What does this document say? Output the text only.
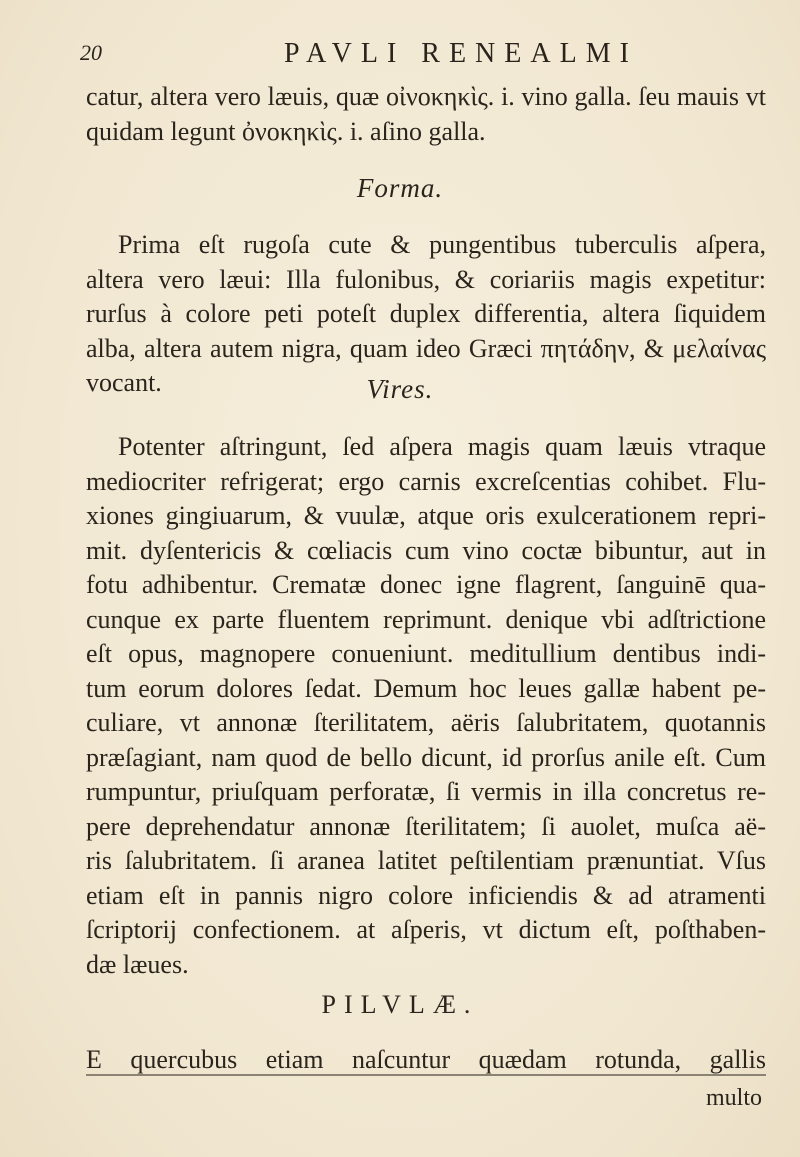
20	PAVLI RENEALMI

catur, altera vero læuis, quæ οἰνοκηκὶς. i. vino galla. ſeu mauis vt
quidam legunt ὀνοκηκὶς. i. aſino galla.

Forma.

Prima eſt rugoſa cute & pungentibus tuberculis aſpera,
altera vero læui: Illa fulonibus, & coriariis magis expetitur:
rurſus à colore peti poteſt duplex differentia, altera ſiquidem
alba, altera autem nigra, quam ideo Græci πητάδην, & μελαίνας
vocant.	Vires.

Potenter aſtringunt, ſed aſpera magis quam læuis vtraque
mediocriter refrigerat; ergo carnis excreſcentias cohibet. Flu-
xiones gingiuarum, & vuulæ, atque oris exulcerationem repri-
mit. dyſentericis & cœliacis cum vino coctæ bibuntur, aut in
fotu adhibentur. Crematæ donec igne flagrent, ſanguinē qua-
cunque ex parte fluentem reprimunt. denique vbi adſtrictione
eſt opus, magnopere conueniunt. meditullium dentibus indi-
tum eorum dolores ſedat. Demum hoc leues gallæ habent pe-
culiare, vt annonæ ſterilitatem, aëris ſalubritatem, quotannis
præſagiant, nam quod de bello dicunt, id prorſus anile eſt. Cum
rumpuntur, priuſquam perforatæ, ſi vermis in illa concretus re-
pere deprehendatur annonæ ſterilitatem; ſi auolet, muſca aë-
ris ſalubritatem. ſi aranea latitet peſtilentiam prænuntiat. Vſus
etiam eſt in pannis nigro colore inficiendis & ad atramenti
ſcriptorij confectionem. at aſperis, vt dictum eſt, poſthaben-
dæ læues.

PILVLÆ.

E quercubus etiam naſcuntur quædam rotunda, gallis

multo
